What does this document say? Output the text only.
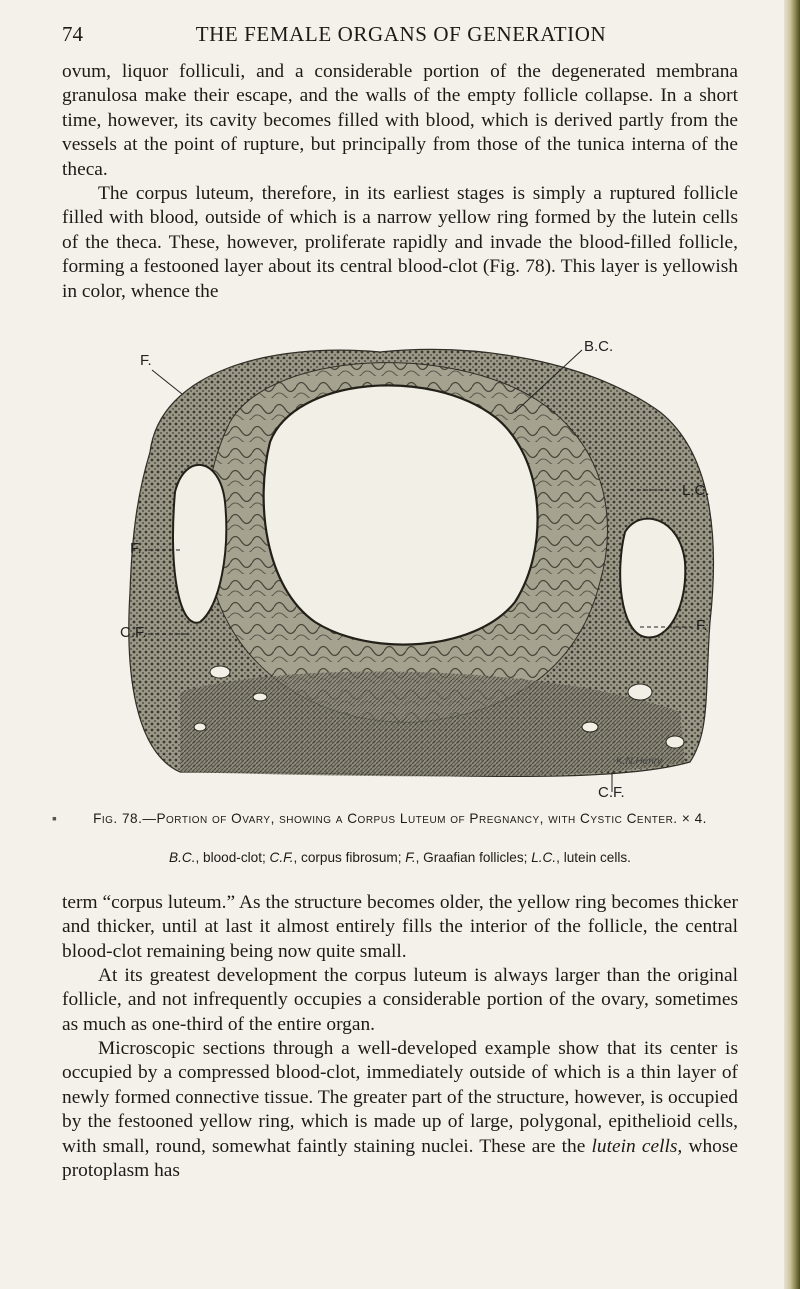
74	THE FEMALE ORGANS OF GENERATION

ovum, liquor folliculi, and a considerable portion of the degenerated membrana granulosa make their escape, and the walls of the empty follicle collapse. In a short time, however, its cavity becomes filled with blood, which is derived partly from the vessels at the point of rupture, but principally from those of the tunica interna of the theca.

The corpus luteum, therefore, in its earliest stages is simply a ruptured follicle filled with blood, outside of which is a narrow yellow ring formed by the lutein cells of the theca. These, however, proliferate rapidly and invade the blood-filled follicle, forming a festooned layer about its central blood-clot (Fig. 78). This layer is yellowish in color, whence the

F.
B.C.
L.C.
F.
C.F.	F.
K.N.Henry
C.F.
▪	Fig. 78.—Portion of Ovary, showing a Corpus Luteum of Pregnancy, with Cystic Center. × 4.

B.C., blood-clot; C.F., corpus fibrosum; F., Graafian follicles; L.C., lutein cells.

term “corpus luteum.” As the structure becomes older, the yellow ring becomes thicker and thicker, until at last it almost entirely fills the interior of the follicle, the central blood-clot remaining being now quite small.

At its greatest development the corpus luteum is always larger than the original follicle, and not infrequently occupies a considerable portion of the ovary, sometimes as much as one-third of the entire organ.

Microscopic sections through a well-developed example show that its center is occupied by a compressed blood-clot, immediately outside of which is a thin layer of newly formed connective tissue. The greater part of the structure, however, is occupied by the festooned yellow ring, which is made up of large, polygonal, epithelioid cells, with small, round, somewhat faintly staining nuclei. These are the lutein cells, whose protoplasm has
